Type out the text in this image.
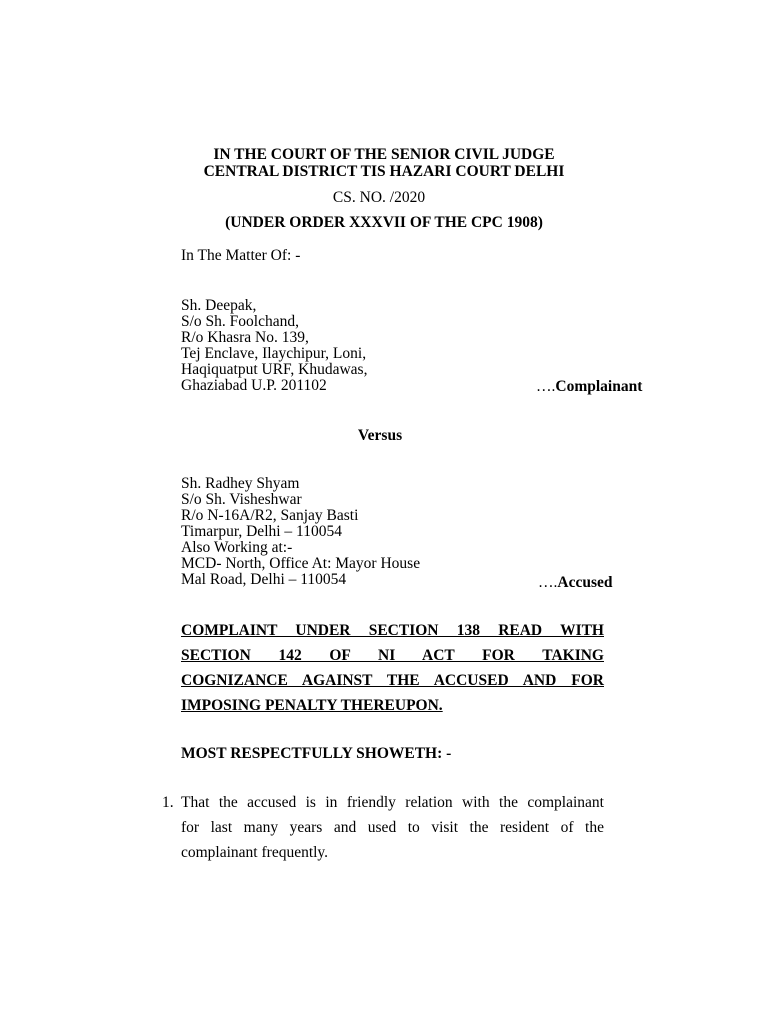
IN THE COURT OF THE SENIOR CIVIL JUDGE
CENTRAL DISTRICT TIS HAZARI COURT DELHI
CS. NO. /2020
(UNDER ORDER XXXVII OF THE CPC 1908)
In The Matter Of: -
Sh. Deepak,
S/o Sh. Foolchand,
R/o Khasra No. 139,
Tej Enclave, Ilaychipur, Loni,
Haqiquatput URF, Khudawas,
Ghaziabad U.P. 201102	….Complainant
Versus
Sh. Radhey Shyam
S/o Sh. Visheshwar
R/o N-16A/R2, Sanjay Basti
Timarpur, Delhi – 110054
Also Working at:-
MCD- North, Office At: Mayor House
Mal Road, Delhi – 110054	….Accused
COMPLAINT UNDER SECTION 138 READ WITH
SECTION 142 OF NI ACT FOR TAKING
COGNIZANCE AGAINST THE ACCUSED AND FOR
IMPOSING PENALTY THEREUPON.
MOST RESPECTFULLY SHOWETH: -
1. That the accused is in friendly relation with the complainant
for last many years and used to visit the resident of the
complainant frequently.
